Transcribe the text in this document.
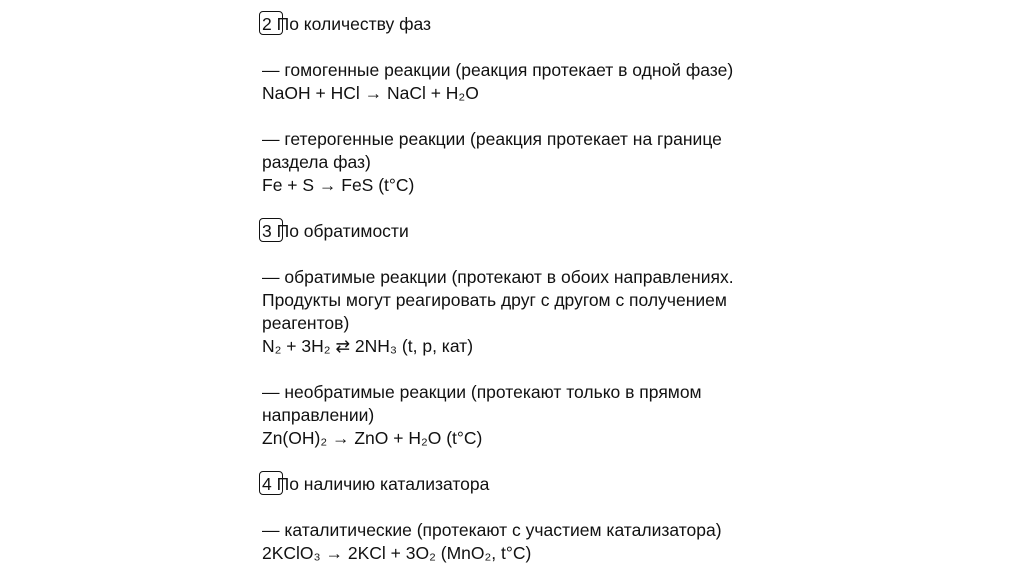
2 По количеству фаз
— гомогенные реакции (реакция протекает в одной фазе)
NaOH + HCl → NaCl + H₂O
— гетерогенные реакции (реакция протекает на границе
раздела фаз)
Fe + S → FeS (t°C)
3 По обратимости
— обратимые реакции (протекают в обоих направлениях.
Продукты могут реагировать друг с другом с получением
реагентов)
N₂ + 3H₂ ⇄ 2NH₃ (t, p, кат)
— необратимые реакции (протекают только в прямом
направлении)
Zn(OH)₂ → ZnO + H₂O (t°C)
4 По наличию катализатора
— каталитические (протекают с участием катализатора)
2KClO₃ → 2KCl + 3O₂ (MnO₂, t°C)
